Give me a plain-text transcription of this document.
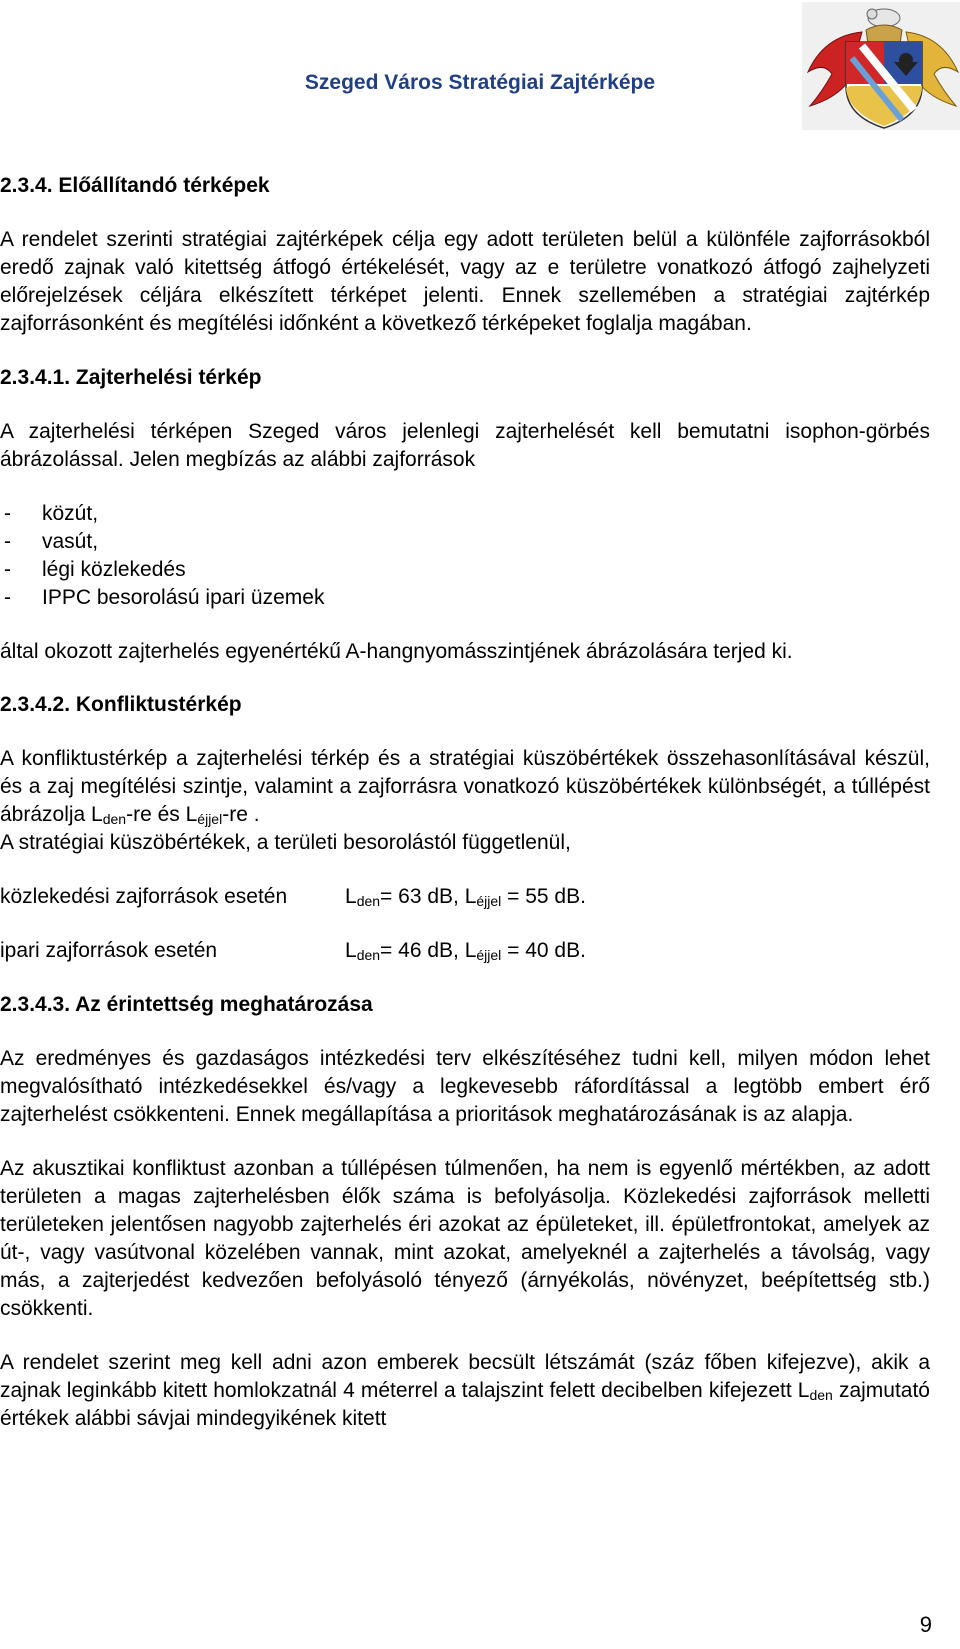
Szeged Város Stratégiai Zajtérképe

2.3.4. Előállítandó térképek

A rendelet szerinti stratégiai zajtérképek célja egy adott területen belül a különféle zajforrásokból eredő zajnak való kitettség átfogó értékelését, vagy az e területre vonatkozó átfogó zajhelyzeti előrejelzések céljára elkészített térképet jelenti. Ennek szellemében a stratégiai zajtérkép zajforrásonként és megítélési időnként a következő térképeket foglalja magában.

2.3.4.1. Zajterhelési térkép

A zajterhelési térképen Szeged város jelenlegi zajterhelését kell bemutatni isophon-görbés ábrázolással. Jelen megbízás az alábbi zajforrások

- közút,
- vasút,
- légi közlekedés
- IPPC besorolású ipari üzemek

által okozott zajterhelés egyenértékű A-hangnyomásszintjének ábrázolására terjed ki.

2.3.4.2. Konfliktustérkép

A konfliktustérkép a zajterhelési térkép és a stratégiai küszöbértékek összehasonlításával készül, és a zaj megítélési szintje, valamint a zajforrásra vonatkozó küszöbértékek különbségét, a túllépést ábrázolja $L_{den}-re$ és $L_{éjjel}-re$ .

A stratégiai küszöbértékek, a területi besorolástól függetlenül,

közlekedési zajforrások esetén	$L_{den}= 63$ dB, $L_{éjjel} = 55$ dB.
ipari zajforrások esetén	$L_{den}= 46$ dB, $L_{éjjel} = 40$ dB.

2.3.4.3. Az érintettség meghatározása

Az eredményes és gazdaságos intézkedési terv elkészítéséhez tudni kell, milyen módon lehet megvalósítható intézkedésekkel és/vagy a legkevesebb ráfordítással a legtöbb embert érő zajterhelést csökkenteni. Ennek megállapítása a prioritások meghatározásának is az alapja.

Az akusztikai konfliktust azonban a túllépésen túlmenően, ha nem is egyenlő mértékben, az adott területen a magas zajterhelésben élők száma is befolyásolja. Közlekedési zajforrások melletti területeken jelentősen nagyobb zajterhelés éri azokat az épületeket, ill. épületfrontokat, amelyek az út-, vagy vasútvonal közelében vannak, mint azokat, amelyeknél a zajterhelés a távolság, vagy más, a zajterjedést kedvezően befolyásoló tényező (árnyékolás, növényzet, beépítettség stb.) csökkenti.

A rendelet szerint meg kell adni azon emberek becsült létszámát (száz főben kifejezve), akik a zajnak leginkább kitett homlokzatnál 4 méterrel a talajszint felett decibelben kifejezett $L_{den}$ zajmutató értékek alábbi sávjai mindegyikének kitett

9
